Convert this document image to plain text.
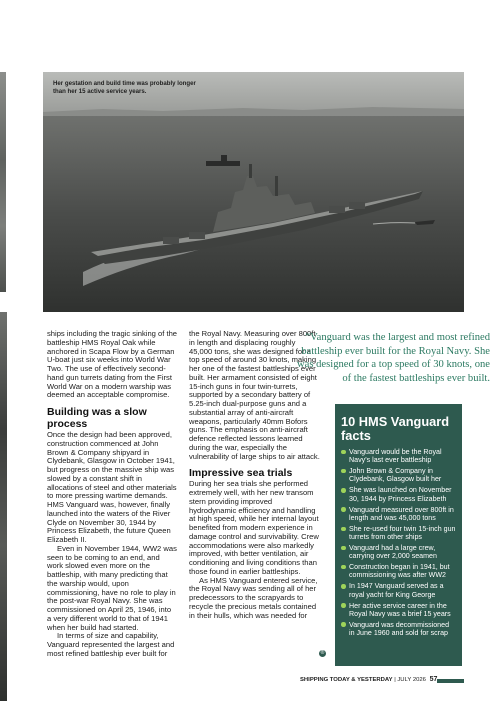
Her gestation and build time was probably longer than her 15 active service years.

ships including the tragic sinking of the battleship HMS Royal Oak while anchored in Scapa Flow by a German U-boat just six weeks into World War Two. The use of effectively second-hand gun turrets dating from the First World War on a modern warship was deemed an acceptable compromise.

Building was a slow process

Once the design had been approved, construction commenced at John Brown & Company shipyard in Clydebank, Glasgow in October 1941, but progress on the massive ship was slowed by a constant shift in allocations of steel and other materials to more pressing wartime demands. HMS Vanguard was, however, finally launched into the waters of the River Clyde on November 30, 1944 by Princess Elizabeth, the future Queen Elizabeth II.

Even in November 1944, WW2 was seen to be coming to an end, and work slowed even more on the battleship, with many predicting that the warship would, upon commissioning, have no role to play in the post-war Royal Navy. She was commissioned on April 25, 1946, into a very different world to that of 1941 when her build had started.

In terms of size and capability, Vanguard represented the largest and most refined battleship ever built for

the Royal Navy. Measuring over 800ft in length and displacing roughly 45,000 tons, she was designed for a top speed of around 30 knots, making her one of the fastest battleships ever built. Her armament consisted of eight 15-inch guns in four twin-turrets, supported by a secondary battery of 5.25-inch dual-purpose guns and a substantial array of anti-aircraft weapons, particularly 40mm Bofors guns. The emphasis on anti-aircraft defence reflected lessons learned during the war, especially the vulnerability of large ships to air attack.

Impressive sea trials

During her sea trials she performed extremely well, with her new transom stern providing improved hydrodynamic efficiency and handling at high speed, while her internal layout benefited from modern experience in damage control and survivability. Crew accommodations were also markedly improved, with better ventilation, air conditioning and living conditions than those found in earlier battleships.

As HMS Vanguard entered service, the Royal Navy was sending all of her predecessors to the scrapyards to recycle the precious metals contained in their hulls, which was needed for

“Vanguard was the largest and most refined battleship ever built for the Royal Navy. She was designed for a top speed of 30 knots, one of the fastest battleships ever built.
10 HMS Vanguard facts
Vanguard would be the Royal Navy’s last ever battleship
John Brown & Company in Clydebank, Glasgow built her
She was launched on November 30, 1944 by Princess Elizabeth
Vanguard measured over 800ft in length and was 45,000 tons
She re-used four twin 15-inch gun turrets from other ships
Vanguard had a large crew, carrying over 2,000 seamen
Construction began in 1941, but commissioning was after WW2
In 1947 Vanguard served as a royal yacht for King George
Her active service career in the Royal Navy was a brief 15 years
Vanguard was decommissioned in June 1960 and sold for scrap
®
SHIPPING TODAY & YESTERDAY | JULY 2026 57
